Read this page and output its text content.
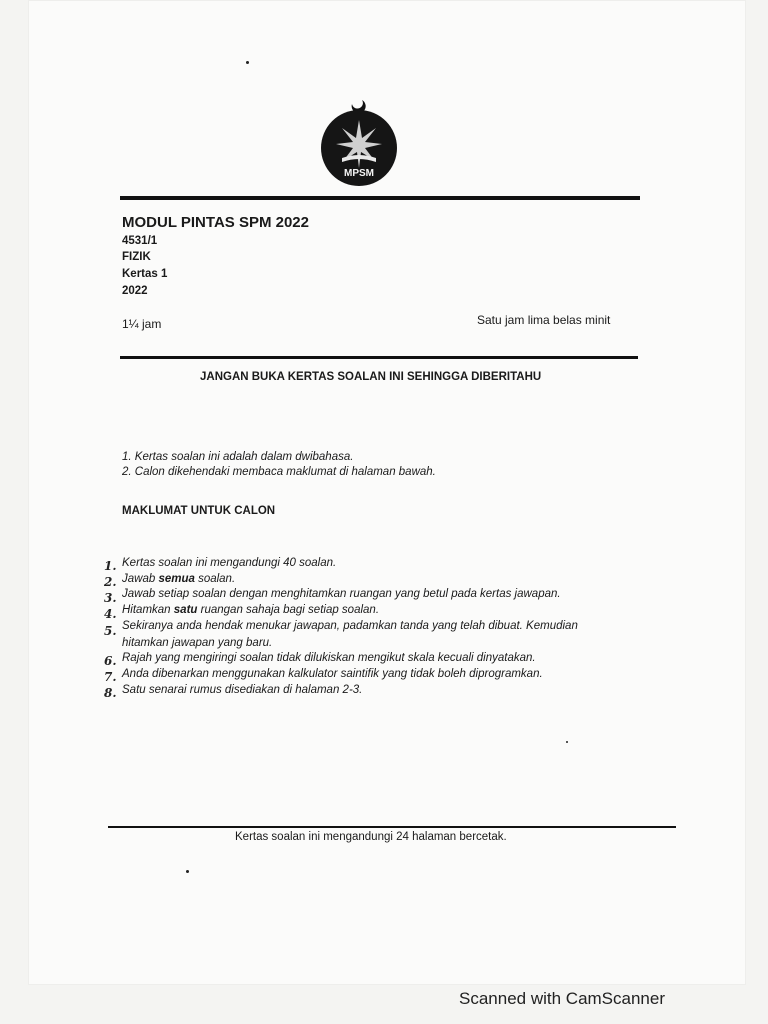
MPSM
MODUL PINTAS SPM 2022
4531/1
FIZIK
Kertas 1
2022
1¼ jam	Satu jam lima belas minit
JANGAN BUKA KERTAS SOALAN INI SEHINGGA DIBERITAHU
1. Kertas soalan ini adalah dalam dwibahasa.
2. Calon dikehendaki membaca maklumat di halaman bawah.
MAKLUMAT UNTUK CALON
1.
2.
3.
4.
5.
6.
7.
8.
Kertas soalan ini mengandungi 40 soalan.
Jawab semua soalan.
Jawab setiap soalan dengan menghitamkan ruangan yang betul pada kertas jawapan.
Hitamkan satu ruangan sahaja bagi setiap soalan.
Sekiranya anda hendak menukar jawapan, padamkan tanda yang telah dibuat. Kemudian
hitamkan jawapan yang baru.
Rajah yang mengiringi soalan tidak dilukiskan mengikut skala kecuali dinyatakan.
Anda dibenarkan menggunakan kalkulator saintifik yang tidak boleh diprogramkan.
Satu senarai rumus disediakan di halaman 2-3.
Kertas soalan ini mengandungi 24 halaman bercetak.
Scanned with CamScanner
